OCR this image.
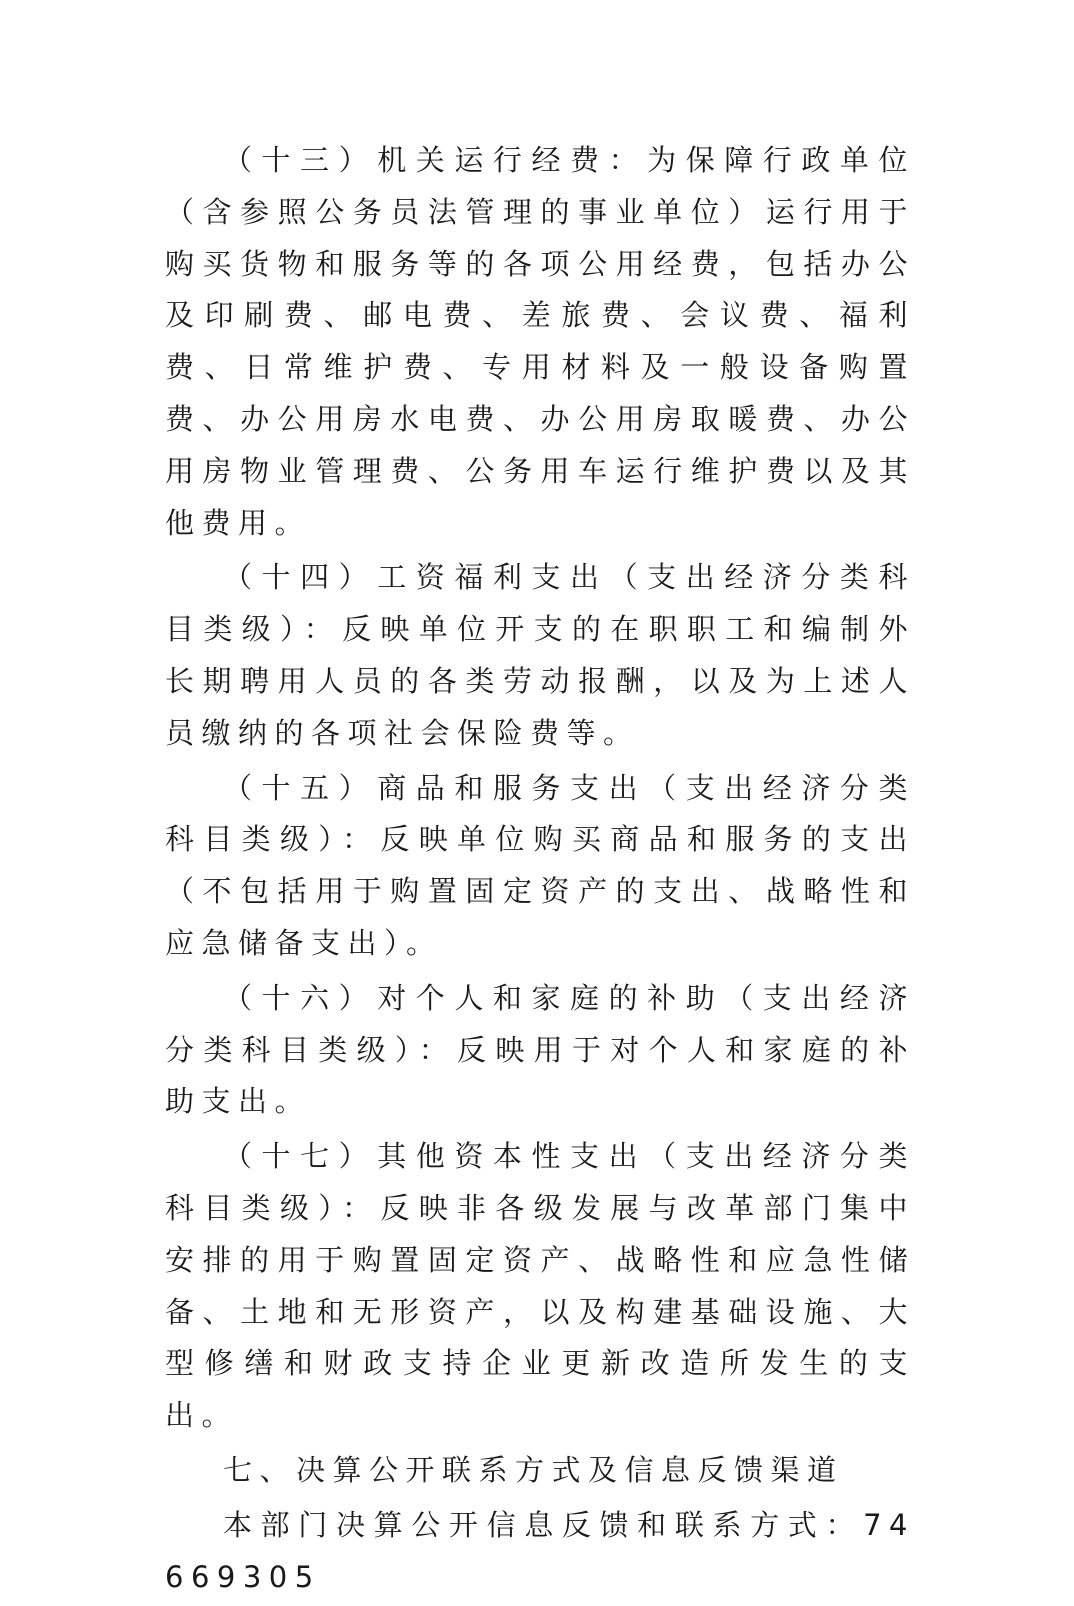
（十三）机关运行经费：为保障行政单位（含参照公务员法管理的事业单位）运行用于购买货物和服务等的各项公用经费，包括办公及印刷费、邮电费、差旅费、会议费、福利费、日常维护费、专用材料及一般设备购置费、办公用房水电费、办公用房取暖费、办公用房物业管理费、公务用车运行维护费以及其他费用。

（十四）工资福利支出（支出经济分类科目类级）：反映单位开支的在职职工和编制外长期聘用人员的各类劳动报酬，以及为上述人员缴纳的各项社会保险费等。

（十五）商品和服务支出（支出经济分类科目类级）：反映单位购买商品和服务的支出（不包括用于购置固定资产的支出、战略性和应急储备支出）。

（十六）对个人和家庭的补助（支出经济分类科目类级）：反映用于对个人和家庭的补助支出。

（十七）其他资本性支出（支出经济分类科目类级）：反映非各级发展与改革部门集中安排的用于购置固定资产、战略性和应急性储备、土地和无形资产，以及构建基础设施、大型修缮和财政支持企业更新改造所发生的支出。

七、决算公开联系方式及信息反馈渠道

本部门决算公开信息反馈和联系方式：74669305
